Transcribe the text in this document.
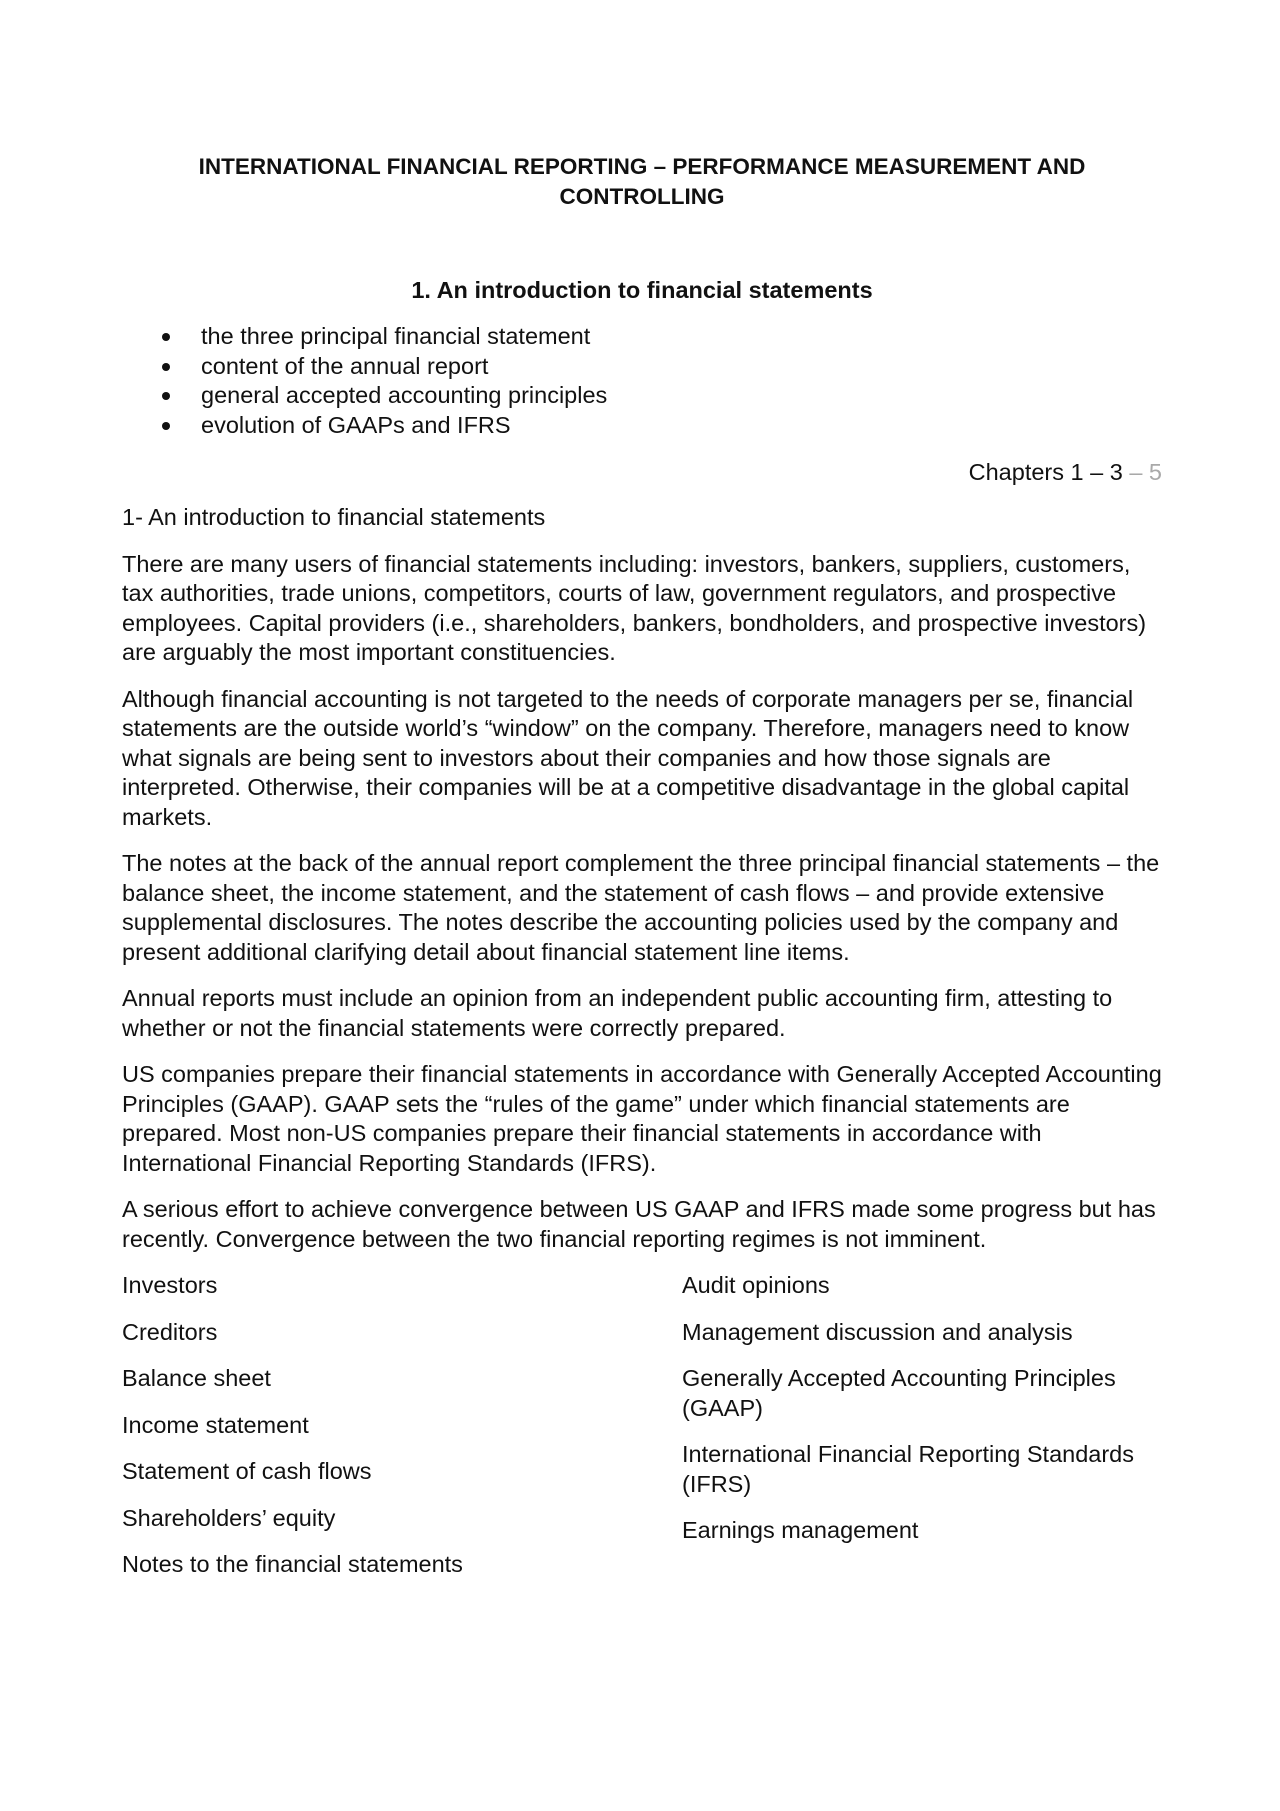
INTERNATIONAL FINANCIAL REPORTING – PERFORMANCE MEASUREMENT AND
CONTROLLING
1. An introduction to financial statements
the three principal financial statement
content of the annual report
general accepted accounting principles
evolution of GAAPs and IFRS
Chapters 1 – 3 – 5

1- An introduction to financial statements

There are many users of financial statements including: investors, bankers, suppliers, customers, tax authorities, trade unions, competitors, courts of law, government regulators, and prospective employees. Capital providers (i.e., shareholders, bankers, bondholders, and prospective investors) are arguably the most important constituencies.

Although financial accounting is not targeted to the needs of corporate managers per se, financial statements are the outside world’s “window” on the company. Therefore, managers need to know what signals are being sent to investors about their companies and how those signals are interpreted. Otherwise, their companies will be at a competitive disadvantage in the global capital markets.

The notes at the back of the annual report complement the three principal financial statements – the balance sheet, the income statement, and the statement of cash flows – and provide extensive supplemental disclosures. The notes describe the accounting policies used by the company and present additional clarifying detail about financial statement line items.

Annual reports must include an opinion from an independent public accounting firm, attesting to whether or not the financial statements were correctly prepared.

US companies prepare their financial statements in accordance with Generally Accepted Accounting Principles (GAAP). GAAP sets the “rules of the game” under which financial statements are prepared. Most non-US companies prepare their financial statements in accordance with International Financial Reporting Standards (IFRS).

A serious effort to achieve convergence between US GAAP and IFRS made some progress but has recently. Convergence between the two financial reporting regimes is not imminent.

Investors
Creditors
Balance sheet
Income statement
Statement of cash flows
Shareholders’ equity
Notes to the financial statements
Audit opinions
Management discussion and analysis
Generally Accepted Accounting Principles (GAAP)
International Financial Reporting Standards (IFRS)
Earnings management
